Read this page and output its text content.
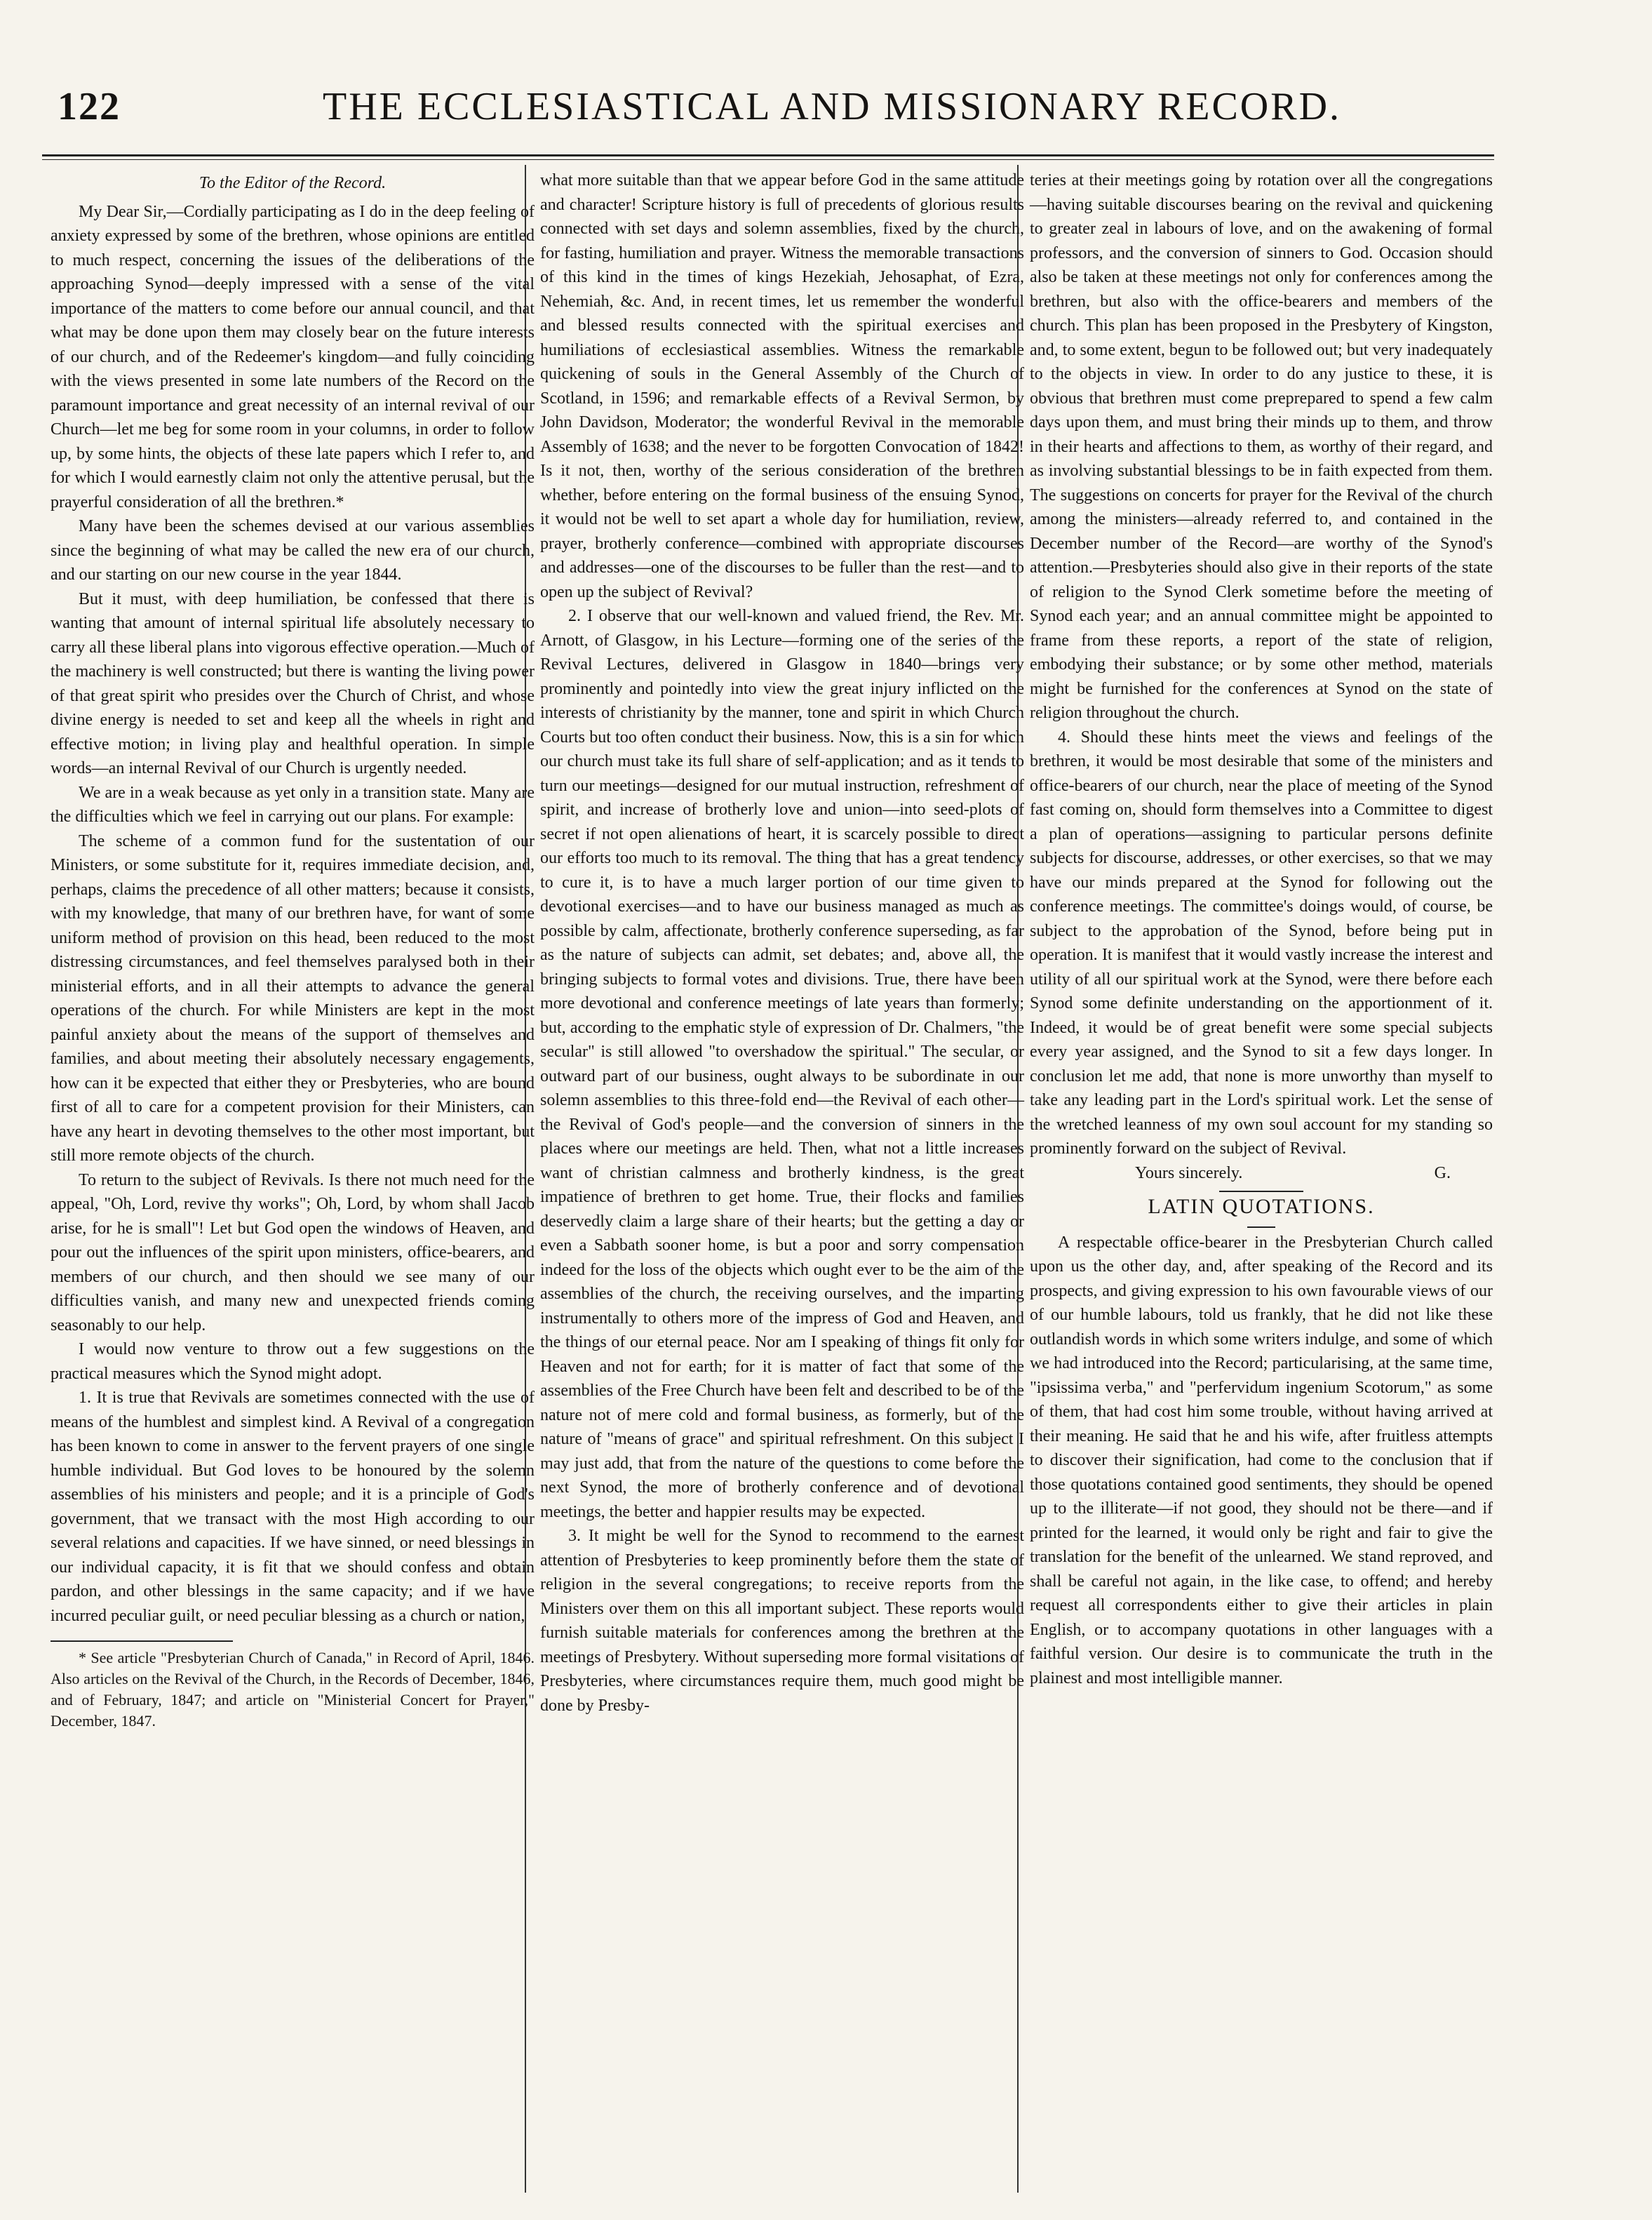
122	THE ECCLESIASTICAL AND MISSIONARY RECORD.

To the Editor of the Record.

My Dear Sir,—Cordially participating as I do in the deep feeling of anxiety expressed by some of the brethren, whose opinions are entitled to much respect, concerning the issues of the deliberations of the approaching Synod—deeply impressed with a sense of the vital importance of the matters to come before our annual council, and that what may be done upon them may closely bear on the future interests of our church, and of the Redeemer's kingdom—and fully coinciding with the views presented in some late numbers of the Record on the paramount importance and great necessity of an internal revival of our Church—let me beg for some room in your columns, in order to follow up, by some hints, the objects of these late papers which I refer to, and for which I would earnestly claim not only the attentive perusal, but the prayerful consideration of all the brethren.*

Many have been the schemes devised at our various assemblies since the beginning of what may be called the new era of our church, and our starting on our new course in the year 1844.

But it must, with deep humiliation, be confessed that there is wanting that amount of internal spiritual life absolutely necessary to carry all these liberal plans into vigorous effective operation.—Much of the machinery is well constructed; but there is wanting the living power of that great spirit who presides over the Church of Christ, and whose divine energy is needed to set and keep all the wheels in right and effective motion; in living play and healthful operation. In simple words—an internal Revival of our Church is urgently needed.

We are in a weak because as yet only in a transition state. Many are the difficulties which we feel in carrying out our plans. For example:

The scheme of a common fund for the sustentation of our Ministers, or some substitute for it, requires immediate decision, and, perhaps, claims the precedence of all other matters; because it consists, with my knowledge, that many of our brethren have, for want of some uniform method of provision on this head, been reduced to the most distressing circumstances, and feel themselves paralysed both in their ministerial efforts, and in all their attempts to advance the general operations of the church. For while Ministers are kept in the most painful anxiety about the means of the support of themselves and families, and about meeting their absolutely necessary engagements, how can it be expected that either they or Presbyteries, who are bound first of all to care for a competent provision for their Ministers, can have any heart in devoting themselves to the other most important, but still more remote objects of the church.

To return to the subject of Revivals. Is there not much need for the appeal, "Oh, Lord, revive thy works"; Oh, Lord, by whom shall Jacob arise, for he is small"! Let but God open the windows of Heaven, and pour out the influences of the spirit upon ministers, office-bearers, and members of our church, and then should we see many of our difficulties vanish, and many new and unexpected friends coming seasonably to our help.

I would now venture to throw out a few suggestions on the practical measures which the Synod might adopt.

1. It is true that Revivals are sometimes connected with the use of means of the humblest and simplest kind. A Revival of a congregation has been known to come in answer to the fervent prayers of one single humble individual. But God loves to be honoured by the solemn assemblies of his ministers and people; and it is a principle of God's government, that we transact with the most High according to our several relations and capacities. If we have sinned, or need blessings in our individual capacity, it is fit that we should confess and obtain pardon, and other blessings in the same capacity; and if we have incurred peculiar guilt, or need peculiar blessing as a church or nation,

* See article "Presbyterian Church of Canada," in Record of April, 1846. Also articles on the Revival of the Church, in the Records of December, 1846, and of February, 1847; and article on "Ministerial Concert for Prayer," December, 1847.

what more suitable than that we appear before God in the same attitude and character! Scripture history is full of precedents of glorious results connected with set days and solemn assemblies, fixed by the church, for fasting, humiliation and prayer. Witness the memorable transactions of this kind in the times of kings Hezekiah, Jehosaphat, of Ezra, Nehemiah, &c. And, in recent times, let us remember the wonderful and blessed results connected with the spiritual exercises and humiliations of ecclesiastical assemblies. Witness the remarkable quickening of souls in the General Assembly of the Church of Scotland, in 1596; and remarkable effects of a Revival Sermon, by John Davidson, Moderator; the wonderful Revival in the memorable Assembly of 1638; and the never to be forgotten Convocation of 1842! Is it not, then, worthy of the serious consideration of the brethren whether, before entering on the formal business of the ensuing Synod, it would not be well to set apart a whole day for humiliation, review, prayer, brotherly conference—combined with appropriate discourses and addresses—one of the discourses to be fuller than the rest—and to open up the subject of Revival?

2. I observe that our well-known and valued friend, the Rev. Mr. Arnott, of Glasgow, in his Lecture—forming one of the series of the Revival Lectures, delivered in Glasgow in 1840—brings very prominently and pointedly into view the great injury inflicted on the interests of christianity by the manner, tone and spirit in which Church Courts but too often conduct their business. Now, this is a sin for which our church must take its full share of self-application; and as it tends to turn our meetings—designed for our mutual instruction, refreshment of spirit, and increase of brotherly love and union—into seed-plots of secret if not open alienations of heart, it is scarcely possible to direct our efforts too much to its removal. The thing that has a great tendency to cure it, is to have a much larger portion of our time given to devotional exercises—and to have our business managed as much as possible by calm, affectionate, brotherly conference superseding, as far as the nature of subjects can admit, set debates; and, above all, the bringing subjects to formal votes and divisions. True, there have been more devotional and conference meetings of late years than formerly; but, according to the emphatic style of expression of Dr. Chalmers, "the secular" is still allowed "to overshadow the spiritual." The secular, or outward part of our business, ought always to be subordinate in our solemn assemblies to this three-fold end—the Revival of each other—the Revival of God's people—and the conversion of sinners in the places where our meetings are held. Then, what not a little increases want of christian calmness and brotherly kindness, is the great impatience of brethren to get home. True, their flocks and families deservedly claim a large share of their hearts; but the getting a day or even a Sabbath sooner home, is but a poor and sorry compensation indeed for the loss of the objects which ought ever to be the aim of the assemblies of the church, the receiving ourselves, and the imparting instrumentally to others more of the impress of God and Heaven, and the things of our eternal peace. Nor am I speaking of things fit only for Heaven and not for earth; for it is matter of fact that some of the assemblies of the Free Church have been felt and described to be of the nature not of mere cold and formal business, as formerly, but of the nature of "means of grace" and spiritual refreshment. On this subject I may just add, that from the nature of the questions to come before the next Synod, the more of brotherly conference and of devotional meetings, the better and happier results may be expected.

3. It might be well for the Synod to recommend to the earnest attention of Presbyteries to keep prominently before them the state of religion in the several congregations; to receive reports from the Ministers over them on this all important subject. These reports would furnish suitable materials for conferences among the brethren at the meetings of Presbytery. Without superseding more formal visitations of Presbyteries, where circumstances require them, much good might be done by Presby-

teries at their meetings going by rotation over all the congregations—having suitable discourses bearing on the revival and quickening to greater zeal in labours of love, and on the awakening of formal professors, and the conversion of sinners to God. Occasion should also be taken at these meetings not only for conferences among the brethren, but also with the office-bearers and members of the church. This plan has been proposed in the Presbytery of Kingston, and, to some extent, begun to be followed out; but very inadequately to the objects in view. In order to do any justice to these, it is obvious that brethren must come preprepared to spend a few calm days upon them, and must bring their minds up to them, and throw in their hearts and affections to them, as worthy of their regard, and as involving substantial blessings to be in faith expected from them. The suggestions on concerts for prayer for the Revival of the church among the ministers—already referred to, and contained in the December number of the Record—are worthy of the Synod's attention.—Presbyteries should also give in their reports of the state of religion to the Synod Clerk sometime before the meeting of Synod each year; and an annual committee might be appointed to frame from these reports, a report of the state of religion, embodying their substance; or by some other method, materials might be furnished for the conferences at Synod on the state of religion throughout the church.

4. Should these hints meet the views and feelings of the brethren, it would be most desirable that some of the ministers and office-bearers of our church, near the place of meeting of the Synod fast coming on, should form themselves into a Committee to digest a plan of operations—assigning to particular persons definite subjects for discourse, addresses, or other exercises, so that we may have our minds prepared at the Synod for following out the conference meetings. The committee's doings would, of course, be subject to the approbation of the Synod, before being put in operation. It is manifest that it would vastly increase the interest and utility of all our spiritual work at the Synod, were there before each Synod some definite understanding on the apportionment of it. Indeed, it would be of great benefit were some special subjects every year assigned, and the Synod to sit a few days longer. In conclusion let me add, that none is more unworthy than myself to take any leading part in the Lord's spiritual work. Let the sense of the wretched leanness of my own soul account for my standing so prominently forward on the subject of Revival.

Yours sincerely.	G.

LATIN QUOTATIONS.

A respectable office-bearer in the Presbyterian Church called upon us the other day, and, after speaking of the Record and its prospects, and giving expression to his own favourable views of our of our humble labours, told us frankly, that he did not like these outlandish words in which some writers indulge, and some of which we had introduced into the Record; particularising, at the same time, "ipsissima verba," and "perfervidum ingenium Scotorum," as some of them, that had cost him some trouble, without having arrived at their meaning. He said that he and his wife, after fruitless attempts to discover their signification, had come to the conclusion that if those quotations contained good sentiments, they should be opened up to the illiterate—if not good, they should not be there—and if printed for the learned, it would only be right and fair to give the translation for the benefit of the unlearned. We stand reproved, and shall be careful not again, in the like case, to offend; and hereby request all correspondents either to give their articles in plain English, or to accompany quotations in other languages with a faithful version. Our desire is to communicate the truth in the plainest and most intelligible manner.
